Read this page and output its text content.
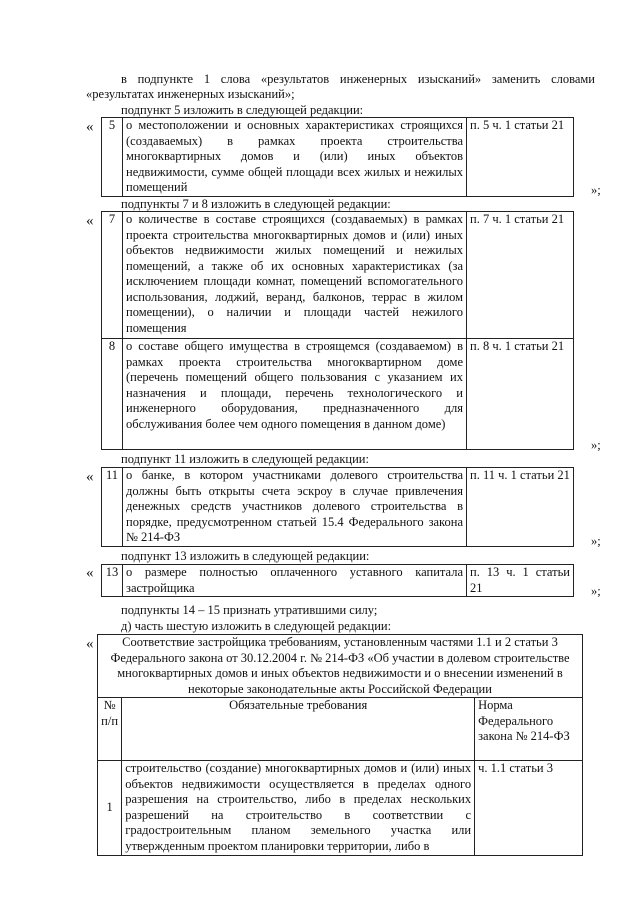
в подпункте 1 слова «результатов инженерных изысканий» заменить словами
«результатах инженерных изысканий»;
подпункт 5 изложить в следующей редакции:
« 5	о местоположении и основных характеристиках строящихся (создаваемых) в рамках проекта строительства многоквартирных домов и (или) иных объектов недвижимости, сумме общей площади всех жилых и нежилых помещений	п. 5 ч. 1 статьи 21
»;
подпункты 7 и 8 изложить в следующей редакции:
« 7	о количестве в составе строящихся (создаваемых) в рамках проекта строительства многоквартирных домов и (или) иных объектов недвижимости жилых помещений и нежилых помещений, а также об их основных характеристиках (за исключением площади комнат, помещений вспомогательного использования, лоджий, веранд, балконов, террас в жилом помещении), о наличии и площади частей нежилого помещения	п. 7 ч. 1 статьи 21
8	о составе общего имущества в строящемся (создаваемом) в рамках проекта строительства многоквартирном доме (перечень помещений общего пользования с указанием их назначения и площади, перечень технологического и инженерного оборудования, предназначенного для обслуживания более чем одного помещения в данном доме)	п. 8 ч. 1 статьи 21
»;
подпункт 11 изложить в следующей редакции:
« 11	о банке, в котором участниками долевого строительства должны быть открыты счета эскроу в случае привлечения денежных средств участников долевого строительства в порядке, предусмотренном статьей 15.4 Федерального закона № 214-ФЗ	п. 11 ч. 1 статьи 21
»;
подпункт 13 изложить в следующей редакции:
« 13	о размере полностью оплаченного уставного капитала застройщика	п. 13 ч. 1 статьи 21	»;
подпункты 14 – 15 признать утратившими силу;
д) часть шестую изложить в следующей редакции:
« Соответствие застройщика требованиям, установленным частями 1.1 и 2 статьи 3 Федерального закона от 30.12.2004 г. № 214-ФЗ «Об участии в долевом строительстве многоквартирных домов и иных объектов недвижимости и о внесении изменений в некоторые законодательные акты Российской Федерации		
№ п/п	Обязательные требования	Норма Федерального закона № 214-ФЗ
1	строительство (создание) многоквартирных домов и (или) иных объектов недвижимости осуществляется в пределах одного разрешения на строительство, либо в пределах нескольких разрешений на строительство в соответствии с градостроительным планом земельного участка или утвержденным проектом планировки территории, либо в	ч. 1.1 статьи 3
